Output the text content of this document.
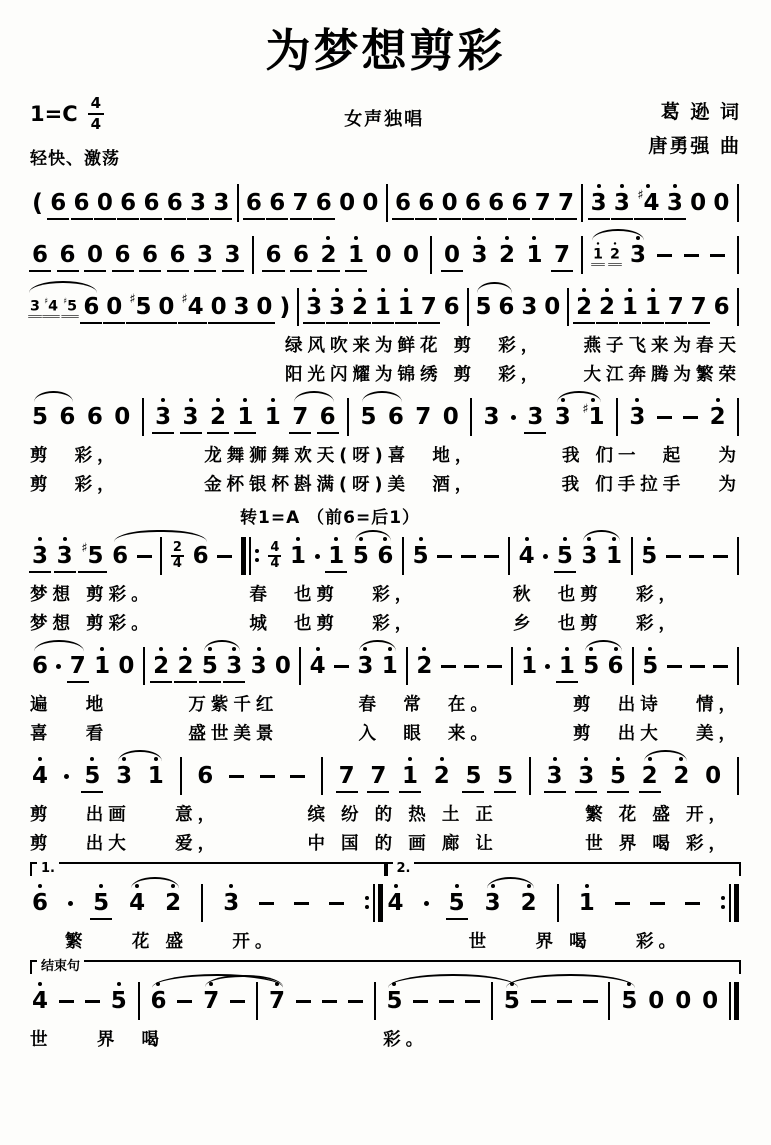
为梦想剪彩
$1=C \frac{4}{4}$
轻快、激荡
女声独唱	葛 逊 词
唐勇强 曲
( 6 6 0 6 6 6 3 3 6 6 7 6 0 0 6 6 0 6 6 6 7 7 3 3 ♯ 4 3 0 0
6 6 0 6 6 6 3 3 6 6 2 1 0 0 0 3 2 1 7 1 2 3
3 ♯ 4 ♯ 5 6 0 ♯ 5 0 ♯ 4 0 3 0 ) 3 3 2 1 1 7 6 5 6 3 0 2 2 1 1 7 7 6
绿风吹来为鲜花 剪  彩， 燕子飞来为春天
阳光闪耀为锦绣 剪  彩， 大江奔腾为繁荣
5 6 6 0 3 3 2 1 1 7 6 5 6 7 0 3 3 3 ♯ 1 3	2
剪  彩，	龙舞狮舞欢天(呀)喜  地，	我 们一  起   为
剪  彩，	金杯银杯斟满(呀)美  酒，	我 们手拉手   为
转1=A （前6=后1）
3 3 ♯ 5 6	$\frac{2}{4} 6$	$\frac{4}{4} 1$ 1 5 6 5	4 5 3 1 5
梦想 剪彩。	春  也剪   彩，	秋  也剪   彩，
梦想 剪彩。	城  也剪   彩，	乡  也剪   彩，
6 7 1 0 2 2 5 3 3 0 4 3 1 2	1 1 5 6 5
遍   地	万紫千红	春  常  在。	剪  出诗   情，
喜   看	盛世美景	入  眼  来。	剪  出大   美，
4 5 3 1 6	7 7 1 2 5 5 3 3 5 2 2 0
剪   出画    意，	缤 纷 的 热 土 正	繁 花 盛 开，
剪   出大    爱，	中 国 的 画 廊 让	世 界 喝 彩，
1.
6 5 4 2 3
2.
4 5 3 2 1
繁    花 盛    开。	世    界 喝    彩。
结束句
4	5 6 7 7	5	5	5 0 0 0
世    界  喝	彩。
